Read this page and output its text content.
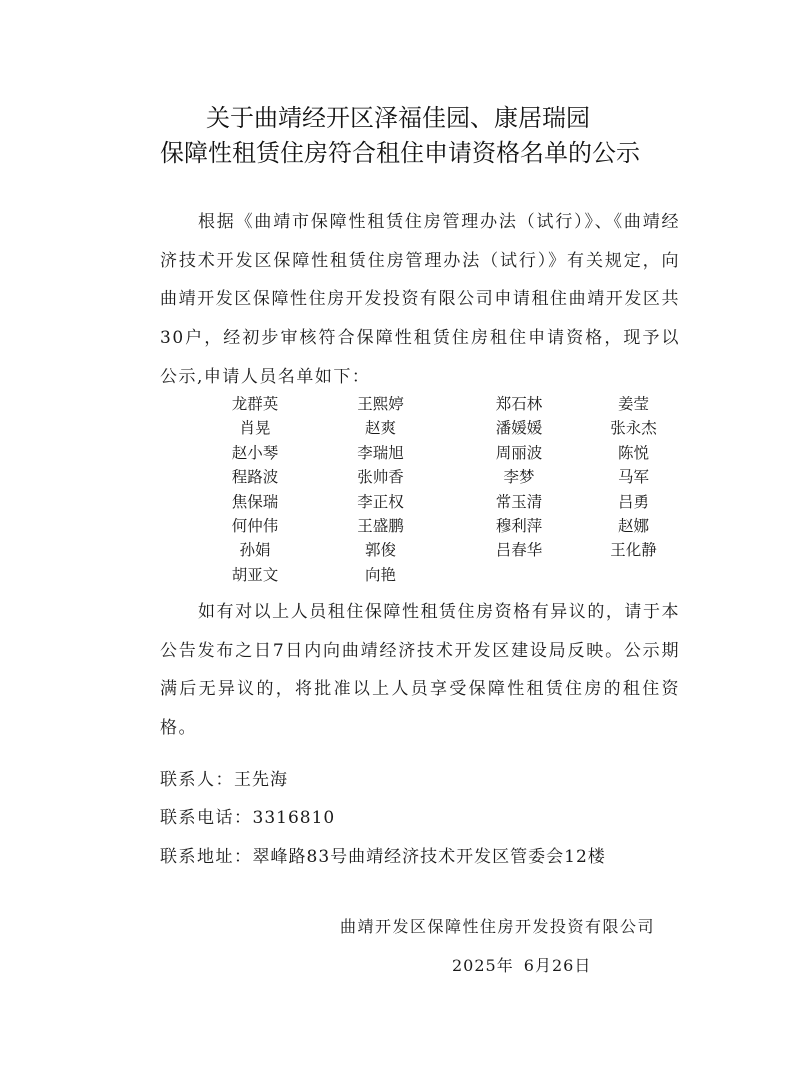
关于曲靖经开区泽福佳园、康居瑞园
保障性租赁住房符合租住申请资格名单的公示

根据《曲靖市保障性租赁住房管理办法（试行）》、《曲靖经济技术开发区保障性租赁住房管理办法（试行）》有关规定，向曲靖开发区保障性住房开发投资有限公司申请租住曲靖开发区共30户，经初步审核符合保障性租赁住房租住申请资格，现予以公示,申请人员名单如下：

龙群英	王熙婷	郑石林	姜莹
肖晃	赵爽	潘媛媛	张永杰
赵小琴	李瑞旭	周丽波	陈悦
程路波	张帅香	李梦	马军
焦保瑞	李正权	常玉清	吕勇
何仲伟	王盛鹏	穆利萍	赵娜
孙娟	郭俊	吕春华	王化静
胡亚文	向艳

如有对以上人员租住保障性租赁住房资格有异议的，请于本公告发布之日7日内向曲靖经济技术开发区建设局反映。公示期满后无异议的，将批准以上人员享受保障性租赁住房的租住资格。

联系人：王先海
联系电话：3316810
联系地址：翠峰路83号曲靖经济技术开发区管委会12楼
曲靖开发区保障性住房开发投资有限公司
2025年 6月26日
